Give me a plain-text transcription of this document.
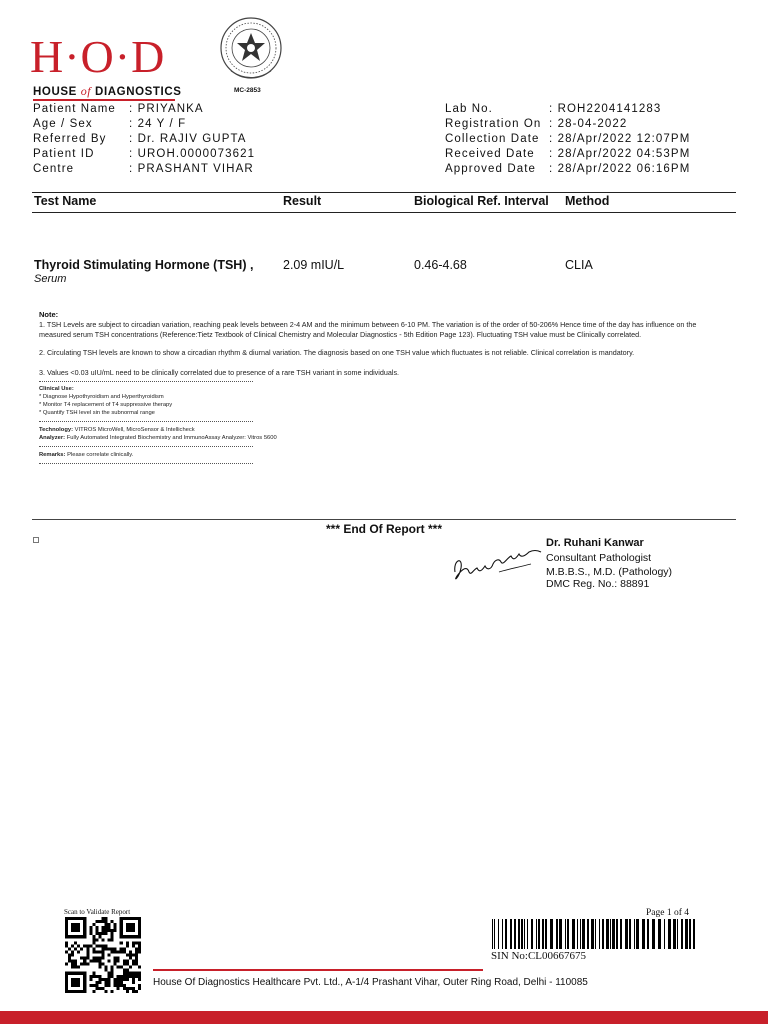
H·O·D
HOUSE of DIAGNOSTICS	MC-2853
Patient Name : PRIYANKA
Age / Sex	: 24 Y / F
Referred By : Dr. RAJIV GUPTA
Patient ID	: UROH.0000073621
Centre	: PRASHANT VIHAR
Lab No.	: ROH2204141283
Registration On : 28-04-2022
Collection Date : 28/Apr/2022 12:07PM
Received Date : 28/Apr/2022 04:53PM
Approved Date : 28/Apr/2022 06:16PM
Test Name	Result	Biological Ref. Interval Method
Thyroid Stimulating Hormone (TSH) ,
Serum
2.09 mIU/L	0.46-4.68	CLIA
Note:
1. TSH Levels are subject to circadian variation, reaching peak levels between 2-4 AM and the minimum between 6-10 PM. The variation is of the order of 50-206% Hence time of the day has influence on the measured serum TSH concentrations (Reference:Tietz Textbook of Clinical Chemistry and Molecular Diagnostics - 5th Edition Page 123). Fluctuating TSH value must be Clinically correlated.
2. Circulating TSH levels are known to show a circadian rhythm & diurnal variation. The diagnosis based on one TSH value which fluctuates is not reliable. Clinical correlation is mandatory.
3. Values <0.03 uIU/mL need to be clinically correlated due to presence of a rare TSH variant in some individuals.
Clinical Use:
* Diagnose Hypothyroidism and Hyperthyroidism
* Monitor T4 replacement of T4 suppressive therapy
* Quantify TSH level sin the subnormal range
Technology: VITROS MicroWell, MicroSensor & Intellicheck
Analyzer: Fully Automated Integrated Biochemistry and ImmunoAssay Analyzer: Vitros 5600
Remarks: Please correlate clinically.
*** End Of Report ***
Dr. Ruhani Kanwar
Consultant Pathologist
M.B.B.S., M.D. (Pathology)
DMC Reg. No.: 88891
Scan to Validate Report	Page 1 of 4
SIN No:CL00667675
House Of Diagnostics Healthcare Pvt. Ltd., A-1/4 Prashant Vihar, Outer Ring Road, Delhi - 110085
